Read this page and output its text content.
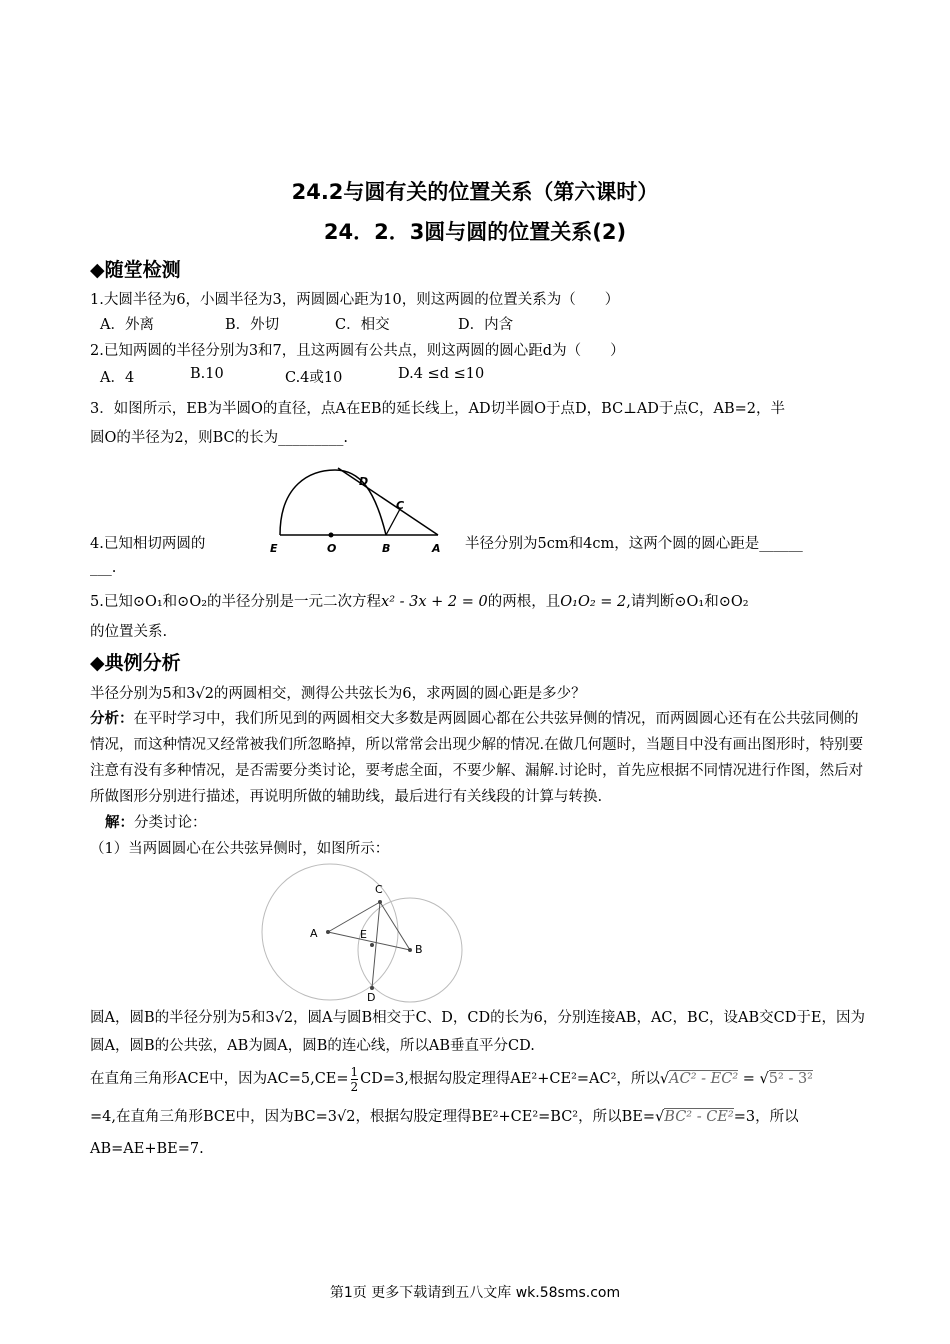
24.2与圆有关的位置关系（第六课时）
24．2．3圆与圆的位置关系(2)
◆随堂检测
1.大圆半径为6，小圆半径为3，两圆圆心距为10，则这两圆的位置关系为（　　）
A．外离	B．外切	C．相交	D．内含
2.已知两圆的半径分别为3和7，且这两圆有公共点，则这两圆的圆心距d为（　　）
A．4	B.10	C.4或10	D.4 ≤d ≤10
3．如图所示，EB为半圆O的直径，点A在EB的延长线上，AD切半圆O于点D，BC⊥AD于点C，AB=2，半
圆O的半径为2，则BC的长为_________.
E	O	B	A
D
C
4.已知相切两圆的	半径分别为5cm和4cm，这两个圆的圆心距是______
___.
5.已知⊙O₁和⊙O₂的半径分别是一元二次方程x² - 3x + 2 = 0的两根，且O₁O₂ = 2,请判断⊙O₁和⊙O₂
的位置关系.
◆典例分析
半径分别为5和3√2的两圆相交，测得公共弦长为6，求两圆的圆心距是多少？
分析：在平时学习中，我们所见到的两圆相交大多数是两圆圆心都在公共弦异侧的情况，而两圆圆心还有在公共弦同侧的情况，而这种情况又经常被我们所忽略掉，所以常常会出现少解的情况.在做几何题时，当题目中没有画出图形时，特别要注意有没有多种情况，是否需要分类讨论，要考虑全面，不要少解、漏解.讨论时，首先应根据不同情况进行作图，然后对所做图形分别进行描述，再说明所做的辅助线，最后进行有关线段的计算与转换.
解：分类讨论：
（1）当两圆圆心在公共弦异侧时，如图所示：
A
B
C
E
D
圆A，圆B的半径分别为5和3√2，圆A与圆B相交于C、D，CD的长为6，分别连接AB，AC，BC，设AB交CD于E，因为圆A，圆B的公共弦，AB为圆A，圆B的连心线，所以AB垂直平分CD.
在直角三角形ACE中，因为$AC=5,CE= \frac{1}{2} CD=3$,根据勾股定理得AE²+CE²=AC²，所以√AC² - EC² = √5² - 3²
=4,在直角三角形BCE中，因为BC=3√2，根据勾股定理得BE²+CE²=BC²，所以BE=√BC² - CE²=3，所以
AB=AE+BE=7.
第1页 更多下载请到五八文库 wk.58sms.com
